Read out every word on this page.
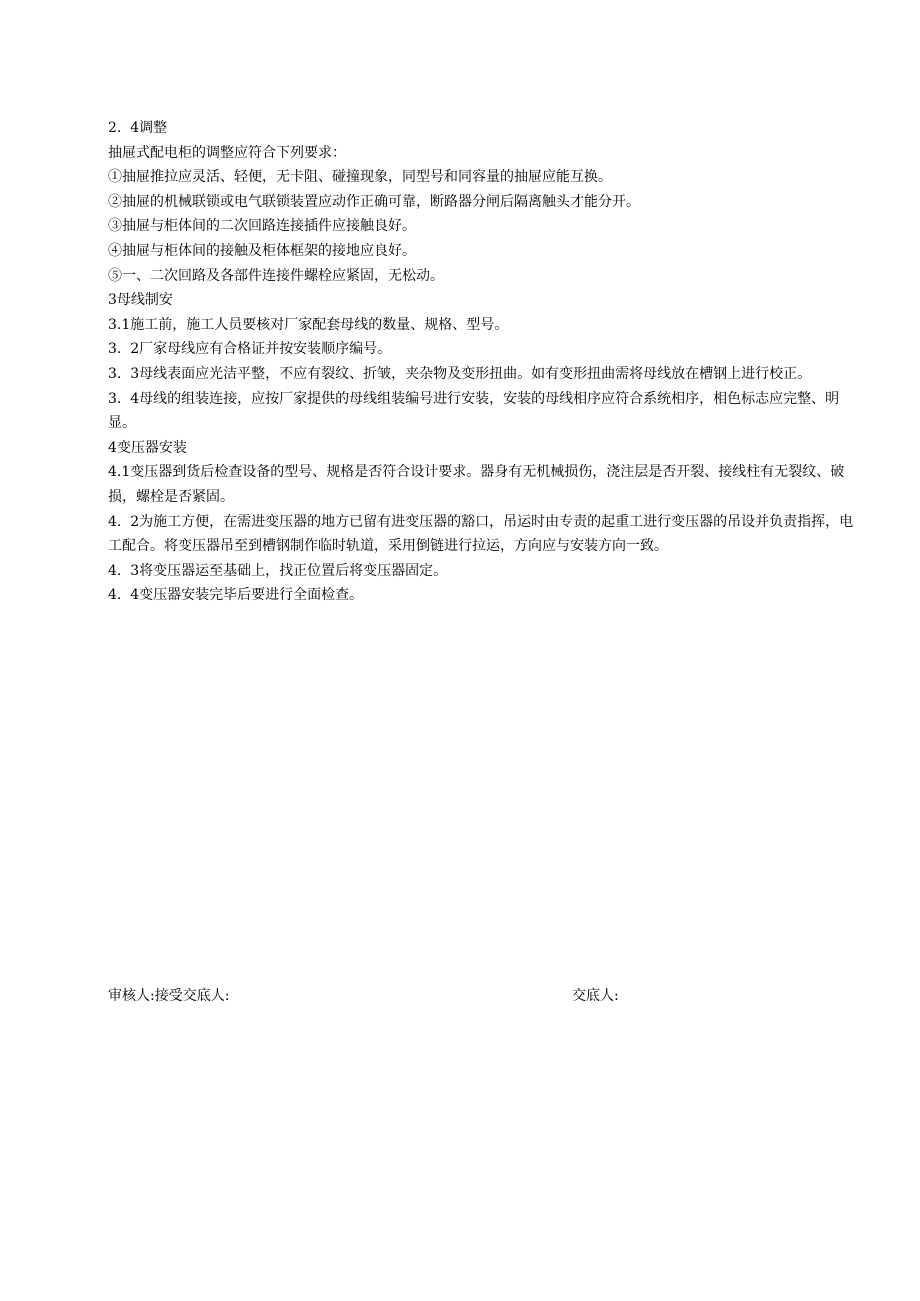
2.  4调整

抽屉式配电柜的调整应符合下列要求：

①抽屉推拉应灵活、轻便，无卡阻、碰撞现象，同型号和同容量的抽屉应能互换。

②抽屉的机械联锁或电气联锁装置应动作正确可靠，断路器分闸后隔离触头才能分开。

③抽屉与柜体间的二次回路连接插件应接触良好。

④抽屉与柜体间的接触及柜体框架的接地应良好。

⑤一、二次回路及各部件连接件螺栓应紧固，无松动。

3母线制安

3.1施工前，施工人员要核对厂家配套母线的数量、规格、型号。

3.  2厂家母线应有合格证并按安装顺序编号。

3.  3母线表面应光洁平整，不应有裂纹、折皱，夹杂物及变形扭曲。如有变形扭曲需将母线放在槽钢上进行校正。

3.  4母线的组装连接，应按厂家提供的母线组装编号进行安装，安装的母线相序应符合系统相序，相色标志应完整、明显。

4变压器安装

4.1变压器到货后检查设备的型号、规格是否符合设计要求。器身有无机械损伤，浇注层是否开裂、接线柱有无裂纹、破损，螺栓是否紧固。

4.  2为施工方便，在需进变压器的地方已留有进变压器的豁口，吊运时由专责的起重工进行变压器的吊设并负责指挥，电工配合。将变压器吊至到槽钢制作临时轨道，采用倒链进行拉运，方向应与安装方向一致。

4.  3将变压器运至基础上，找正位置后将变压器固定。

4.  4变压器安装完毕后要进行全面检查。

审核人:接受交底人:	交底人:
